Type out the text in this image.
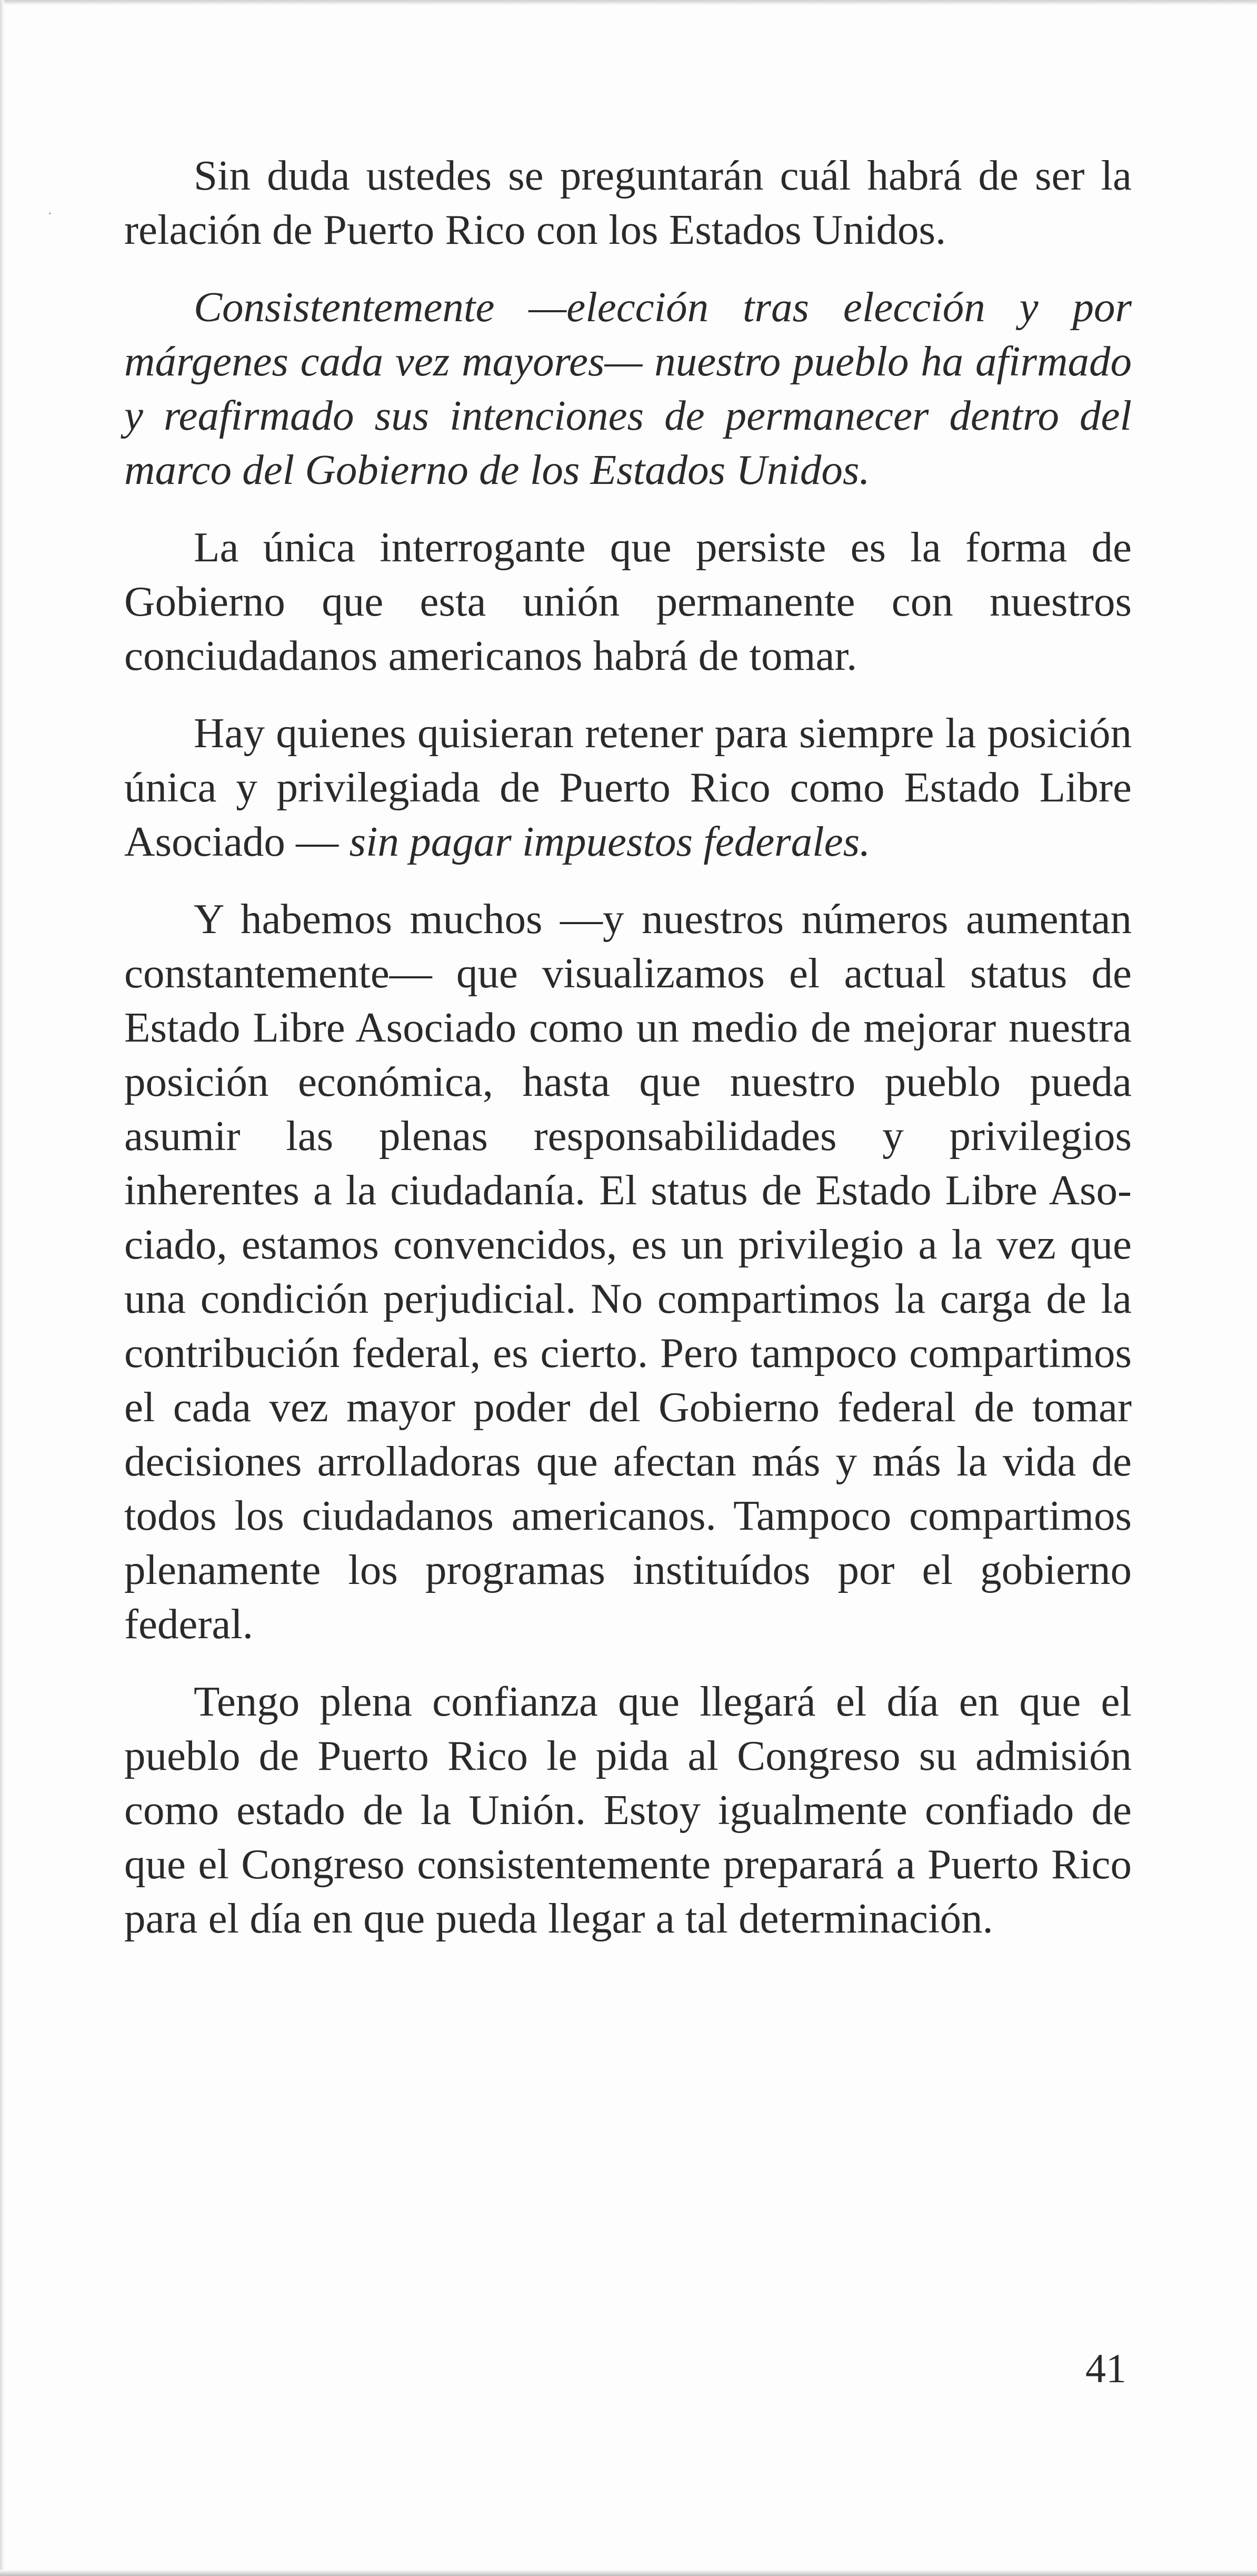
·

Sin duda ustedes se preguntarán cuál habrá de ser la relación de Puerto Rico con los Estados Unidos.

Consistentemente —elección tras elección y por márgenes cada vez mayores— nuestro pueblo ha afirmado y reafirmado sus intenciones de permanecer dentro del marco del Gobierno de los Estados Unidos.

La única interrogante que persiste es la forma de Gobierno que esta unión permanente con nuestros conciudadanos americanos habrá de tomar.

Hay quienes quisieran retener para siempre la posición única y privilegiada de Puerto Rico como Estado Libre Asociado — sin pagar impuestos federales.

Y habemos muchos —y nuestros números aumentan constantemente— que visualizamos el actual status de Estado Libre Asociado como un medio de mejorar nuestra posición económica, hasta que nuestro pueblo pueda asumir las plenas responsabilidades y privilegios inherentes a la ciudadanía. El status de Estado Libre Asociado, estamos convencidos, es un privilegio a la vez que una condición perjudicial. No compartimos la carga de la contribución federal, es cierto. Pero tampoco compartimos el cada vez mayor poder del Gobierno federal de tomar decisiones arrolladoras que afectan más y más la vida de todos los ciudadanos americanos. Tampoco compartimos plenamente los programas instituídos por el gobierno federal.

Tengo plena confianza que llegará el día en que el pueblo de Puerto Rico le pida al Congreso su admisión como estado de la Unión. Estoy igualmente confiado de que el Congreso consistentemente preparará a Puerto Rico para el día en que pueda llegar a tal determinación.

41
